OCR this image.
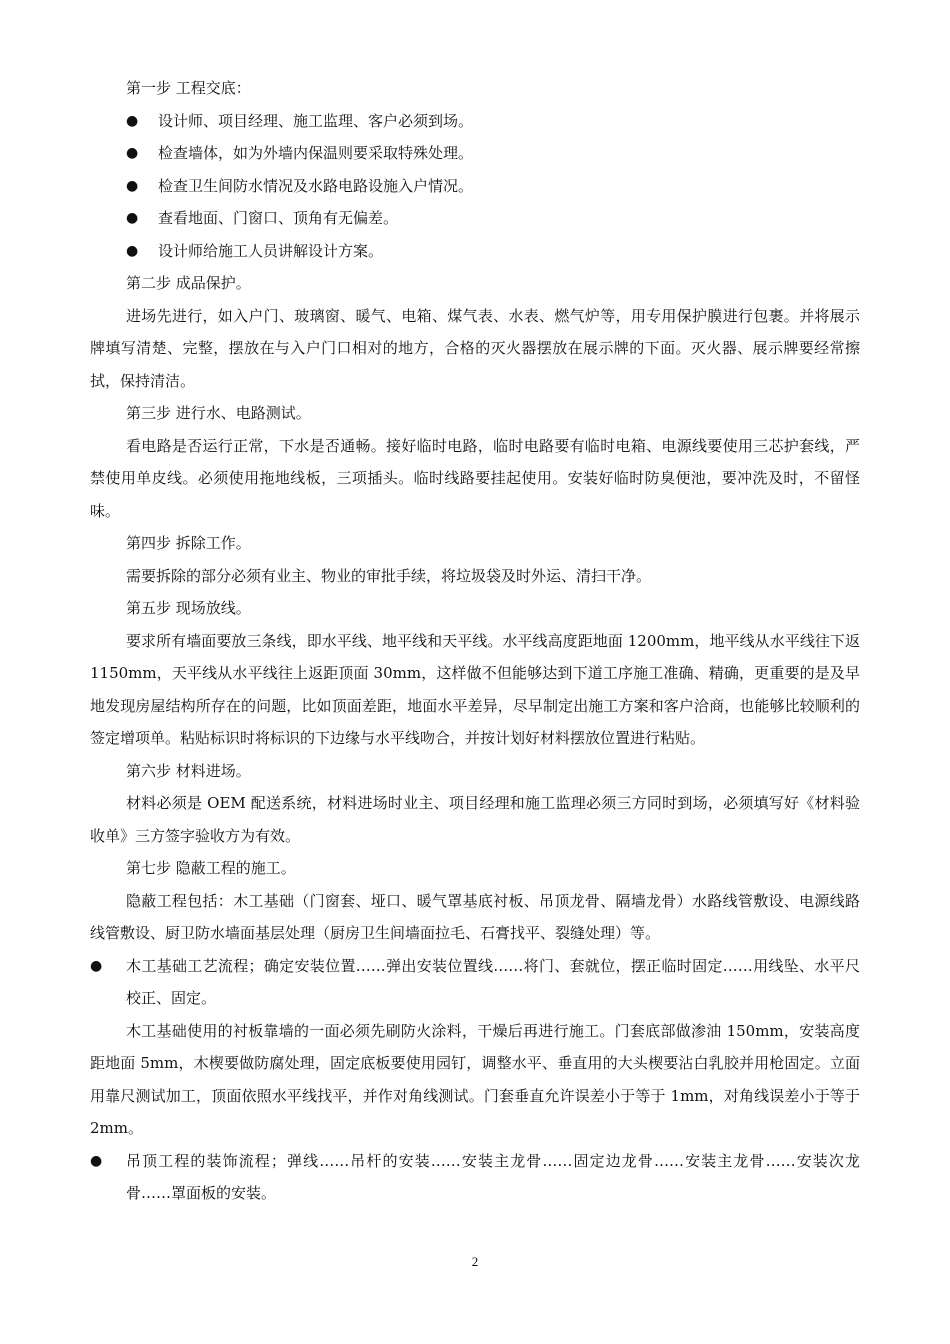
第一步 工程交底：

● 设计师、项目经理、施工监理、客户必须到场。

● 检查墙体，如为外墙内保温则要采取特殊处理。

● 检查卫生间防水情况及水路电路设施入户情况。

● 查看地面、门窗口、顶角有无偏差。

● 设计师给施工人员讲解设计方案。

第二步 成品保护。

进场先进行，如入户门、玻璃窗、暖气、电箱、煤气表、水表、燃气炉等，用专用保护膜进行包裹。并将展示牌填写清楚、完整，摆放在与入户门口相对的地方，合格的灭火器摆放在展示牌的下面。灭火器、展示牌要经常擦拭，保持清洁。

第三步 进行水、电路测试。

看电路是否运行正常，下水是否通畅。接好临时电路，临时电路要有临时电箱、电源线要使用三芯护套线，严禁使用单皮线。必须使用拖地线板，三项插头。临时线路要挂起使用。安装好临时防臭便池，要冲洗及时，不留怪味。

第四步 拆除工作。

需要拆除的部分必须有业主、物业的审批手续，将垃圾袋及时外运、清扫干净。

第五步 现场放线。

要求所有墙面要放三条线，即水平线、地平线和天平线。水平线高度距地面 1200mm，地平线从水平线往下返 1150mm，天平线从水平线往上返距顶面 30mm，这样做不但能够达到下道工序施工准确、精确，更重要的是及早地发现房屋结构所存在的问题，比如顶面差距，地面水平差异，尽早制定出施工方案和客户洽商，也能够比较顺利的签定增项单。粘贴标识时将标识的下边缘与水平线吻合，并按计划好材料摆放位置进行粘贴。

第六步 材料进场。

材料必须是 OEM 配送系统，材料进场时业主、项目经理和施工监理必须三方同时到场，必须填写好《材料验收单》三方签字验收方为有效。

第七步 隐蔽工程的施工。

隐蔽工程包括：木工基础（门窗套、垭口、暖气罩基底衬板、吊顶龙骨、隔墙龙骨）水路线管敷设、电源线路线管敷设、厨卫防水墙面基层处理（厨房卫生间墙面拉毛、石膏找平、裂缝处理）等。

● 木工基础工艺流程；确定安装位置……弹出安装位置线……将门、套就位，摆正临时固定……用线坠、水平尺校正、固定。

木工基础使用的衬板靠墙的一面必须先刷防火涂料，干燥后再进行施工。门套底部做渗油 150mm，安装高度距地面 5mm，木楔要做防腐处理，固定底板要使用园钉，调整水平、垂直用的大头楔要沾白乳胶并用枪固定。立面用靠尺测试加工，顶面依照水平线找平，并作对角线测试。门套垂直允许误差小于等于 1mm，对角线误差小于等于 2mm。

● 吊顶工程的装饰流程；弹线……吊杆的安装……安装主龙骨……固定边龙骨……安装主龙骨……安装次龙骨……罩面板的安装。

2
